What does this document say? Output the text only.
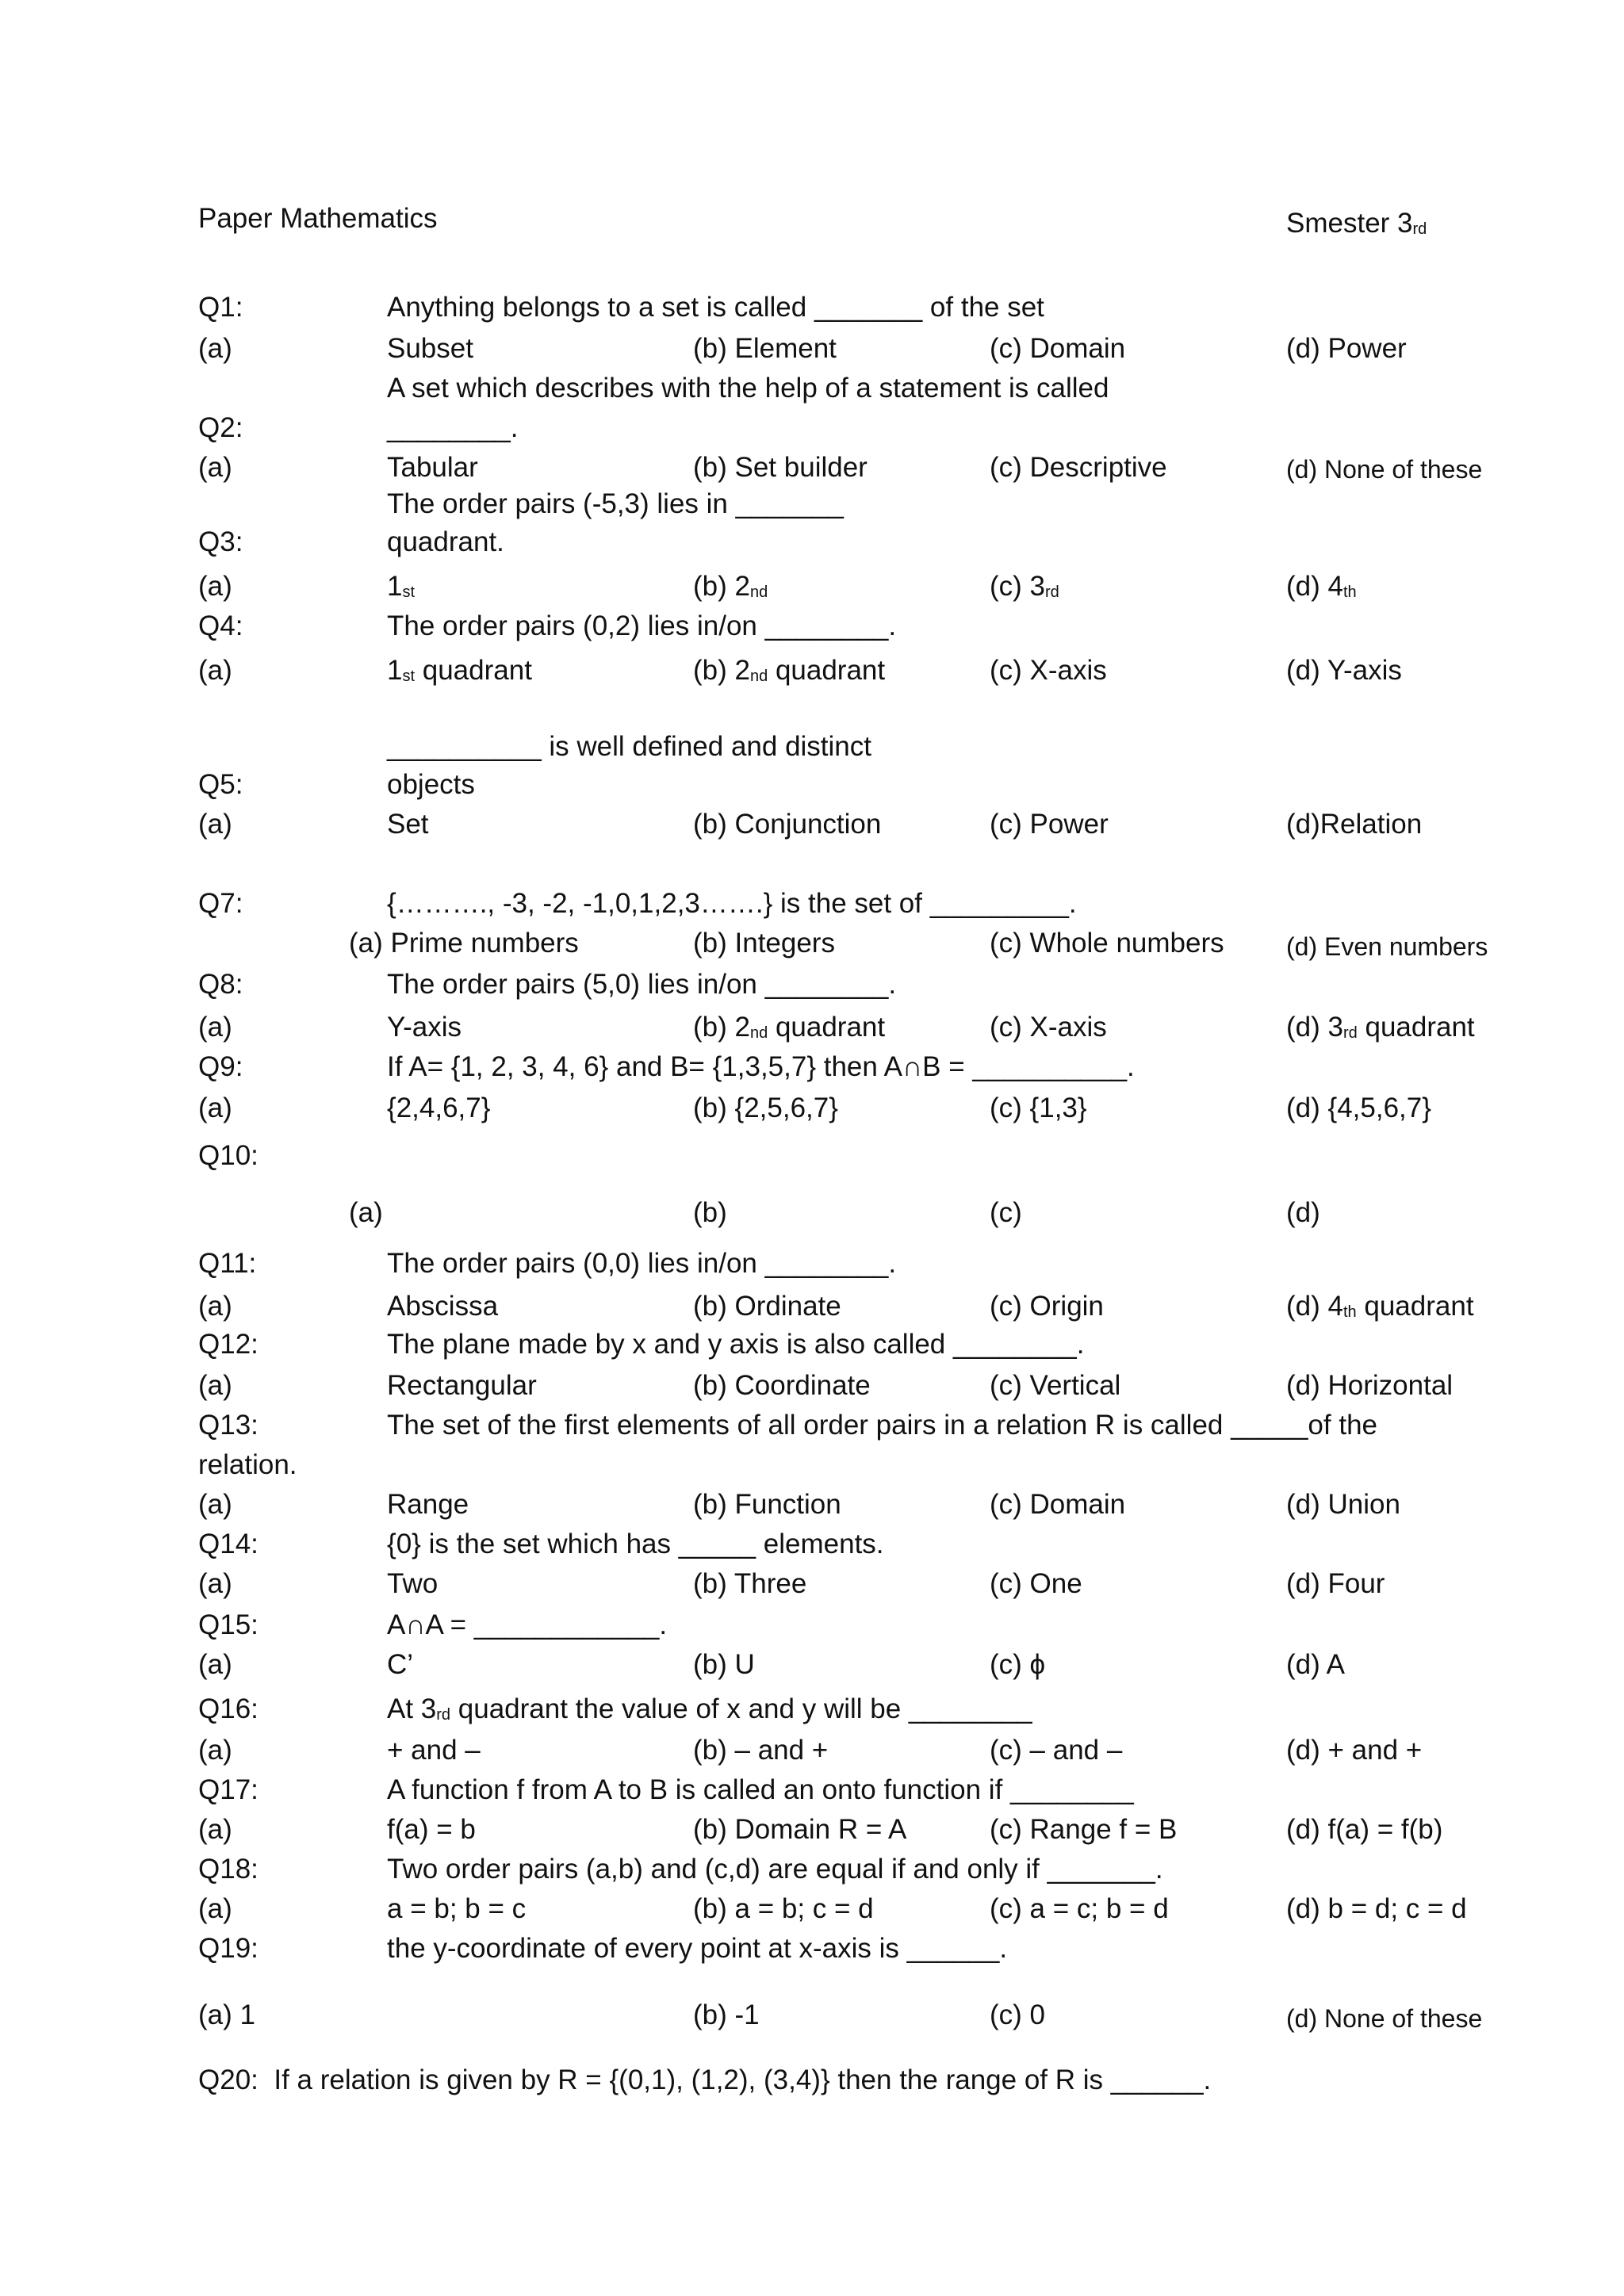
Paper Mathematics	Smester 3rd
Q1:	Anything belongs to a set is called _______ of the set
(a)	Subset	(b) Element	(c) Domain	(d) Power
A set which describes with the help of a statement is called
Q2:	________.
(a)	Tabular	(b) Set builder	(c) Descriptive	(d) None of these
The order pairs (-5,3) lies in _______
Q3:	quadrant.
(a)	1st	(b) 2nd	(c) 3rd	(d) 4th
Q4:	The order pairs (0,2) lies in/on ________.
(a)	1st quadrant	(b) 2nd quadrant	(c) X-axis	(d) Y-axis
__________ is well defined and distinct
Q5:	objects
(a)	Set	(b) Conjunction	(c) Power	(d)Relation
Q7:	{………., -3, -2, -1,0,1,2,3…….} is the set of _________.
(a) Prime numbers	(b) Integers	(c) Whole numbers (d) Even numbers
Q8:	The order pairs (5,0) lies in/on ________.
(a)	Y-axis	(b) 2nd quadrant	(c) X-axis	(d) 3rd quadrant
Q9:	If A= {1, 2, 3, 4, 6} and B= {1,3,5,7} then A∩B = __________.
(a)	{2,4,6,7}	(b) {2,5,6,7}	(c) {1,3}	(d) {4,5,6,7}
Q10:
(a)	(b)	(c)	(d)
Q11:	The order pairs (0,0) lies in/on ________.
(a)	Abscissa	(b) Ordinate	(c) Origin	(d) 4th quadrant
Q12:	The plane made by x and y axis is also called ________.
(a)	Rectangular	(b) Coordinate	(c) Vertical	(d) Horizontal
Q13:	The set of the first elements of all order pairs in a relation R is called _____of the
relation.
(a)	Range	(b) Function	(c) Domain	(d) Union
Q14:	{0} is the set which has _____ elements.
(a)	Two	(b) Three	(c) One	(d) Four
Q15:	A∩A = ____________.
(a)	C’	(b) U	(c) ϕ	(d) A
Q16:	At 3rd quadrant the value of x and y will be ________
(a)	+ and –	(b) – and +	(c) – and –	(d) + and +
Q17:	A function f from A to B is called an onto function if ________
(a)	f(a) = b	(b) Domain R = A	(c) Range f = B	(d) f(a) = f(b)
Q18:	Two order pairs (a,b) and (c,d) are equal if and only if _______.
(a)	a = b; b = c	(b) a = b; c = d	(c) a = c; b = d	(d) b = d; c = d
Q19:	the y-coordinate of every point at x-axis is ______.
(a) 1	(b) -1	(c) 0	(d) None of these
Q20: If a relation is given by R = {(0,1), (1,2), (3,4)} then the range of R is ______.
